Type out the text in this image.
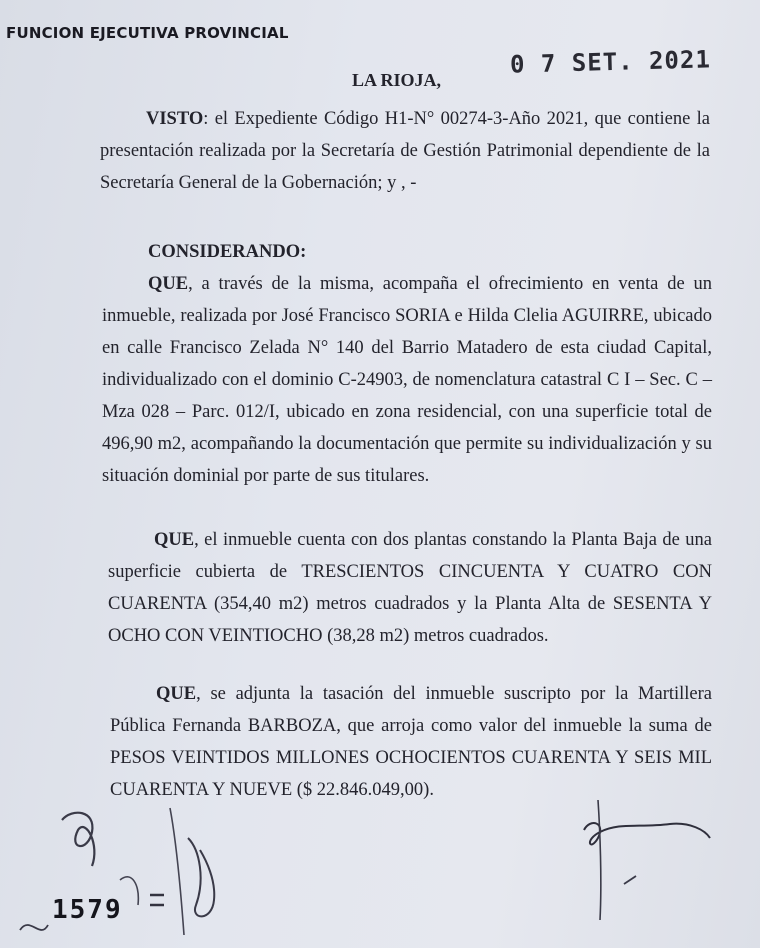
FUNCION EJECUTIVA PROVINCIAL
0 7 SET. 2021
LA RIOJA,
VISTO: el Expediente Código H1-N° 00274-3-Año 2021, que contiene la presentación realizada por la Secretaría de Gestión Patrimonial dependiente de la Secretaría General de la Gobernación; y , -
CONSIDERANDO:
QUE, a través de la misma, acompaña el ofrecimiento en venta de un inmueble, realizada por José Francisco SORIA e Hilda Clelia AGUIRRE, ubicado en calle Francisco Zelada N° 140 del Barrio Matadero de esta ciudad Capital, individualizado con el dominio C-24903, de nomenclatura catastral C I – Sec. C – Mza 028 – Parc. 012/I, ubicado en zona residencial, con una superficie total de 496,90 m2, acompañando la documentación que permite su individualización y su situación dominial por parte de sus titulares.
QUE, el inmueble cuenta con dos plantas constando la Planta Baja de una superficie cubierta de TRESCIENTOS CINCUENTA Y CUATRO CON CUARENTA (354,40 m2) metros cuadrados y la Planta Alta de SESENTA Y OCHO CON VEINTIOCHO (38,28 m2) metros cuadrados.
QUE, se adjunta la tasación del inmueble suscripto por la Martillera Pública Fernanda BARBOZA, que arroja como valor del inmueble la suma de PESOS VEINTIDOS MILLONES OCHOCIENTOS CUARENTA Y SEIS MIL CUARENTA Y NUEVE ($ 22.846.049,00).
1579
